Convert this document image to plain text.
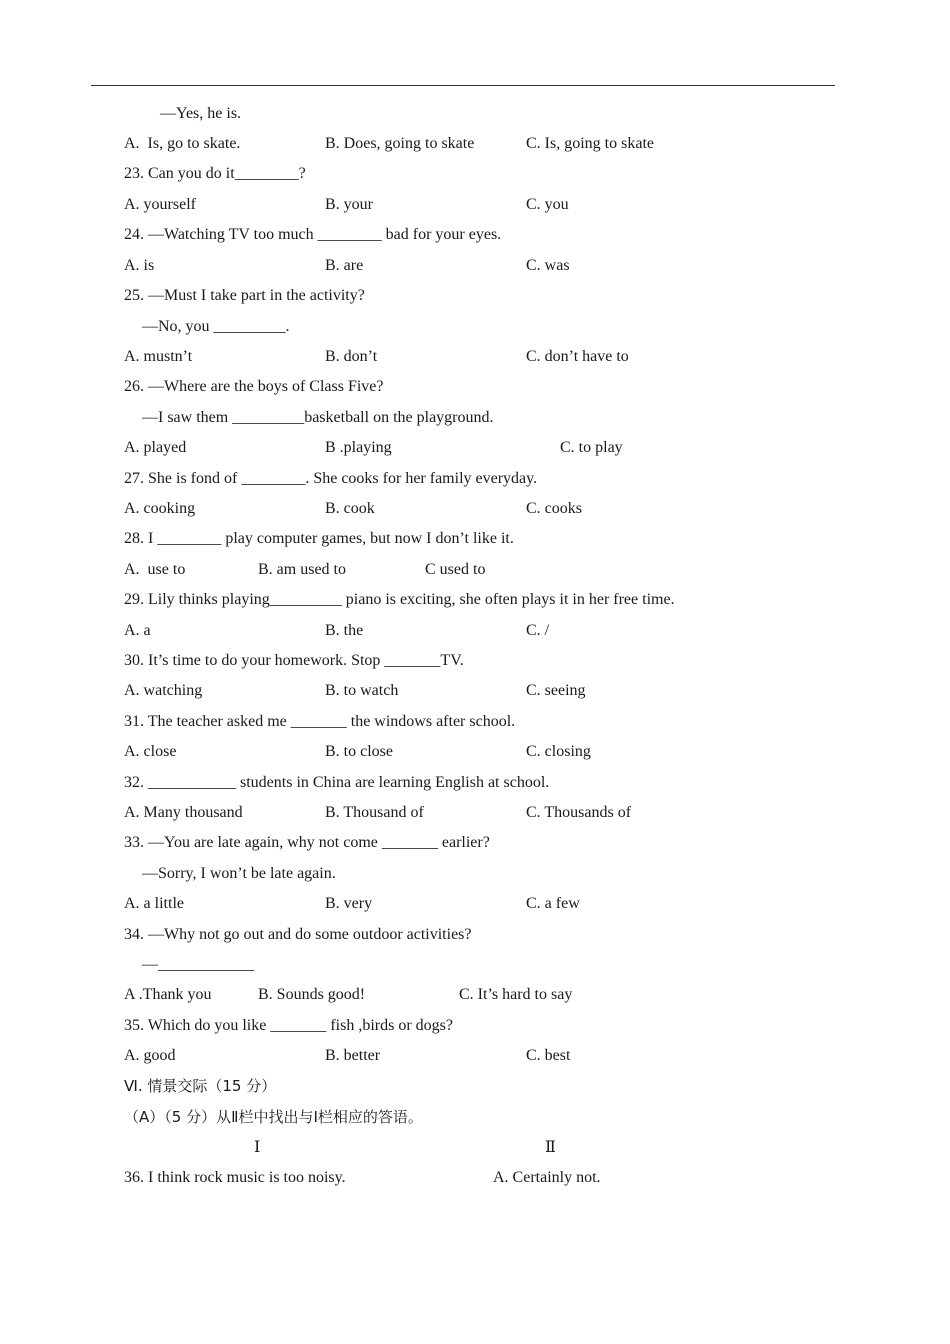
—Yes, he is.
A.  Is, go to skate.	B. Does, going to skate	C. Is, going to skate
23. Can you do it________?
A. yourself	B. your	C. you
24. —Watching TV too much ________ bad for your eyes.
A. is	B. are	C. was
25. —Must I take part in the activity?
—No, you _________.
A. mustn’t	B. don’t	C. don’t have to
26. —Where are the boys of Class Five?
—I saw them _________basketball on the playground.
A. played	B .playing	C. to play
27. She is fond of ________. She cooks for her family everyday.
A. cooking	B. cook	C. cooks
28. I ________ play computer games, but now I don’t like it.
A.  use to	B. am used to	C used to
29. Lily thinks playing_________ piano is exciting, she often plays it in her free time.
A. a	B. the	C. /
30. It’s time to do your homework. Stop _______TV.
A. watching	B. to watch	C. seeing
31. The teacher asked me _______ the windows after school.
A. close	B. to close	C. closing
32. ___________ students in China are learning English at school.
A. Many thousand	B. Thousand of	C. Thousands of
33. —You are late again, why not come _______ earlier?
—Sorry, I won’t be late again.
A. a little	B. very	C. a few
34. —Why not go out and do some outdoor activities?
—____________
A .Thank you	B. Sounds good!	C. It’s hard to say
35. Which do you like _______ fish ,birds or dogs?
A. good	B. better	C. best
Ⅵ. 情景交际（15 分）
（A）（5 分）从Ⅱ栏中找出与Ⅰ栏相应的答语。
Ⅰ	Ⅱ
36. I think rock music is too noisy.	A. Certainly not.
